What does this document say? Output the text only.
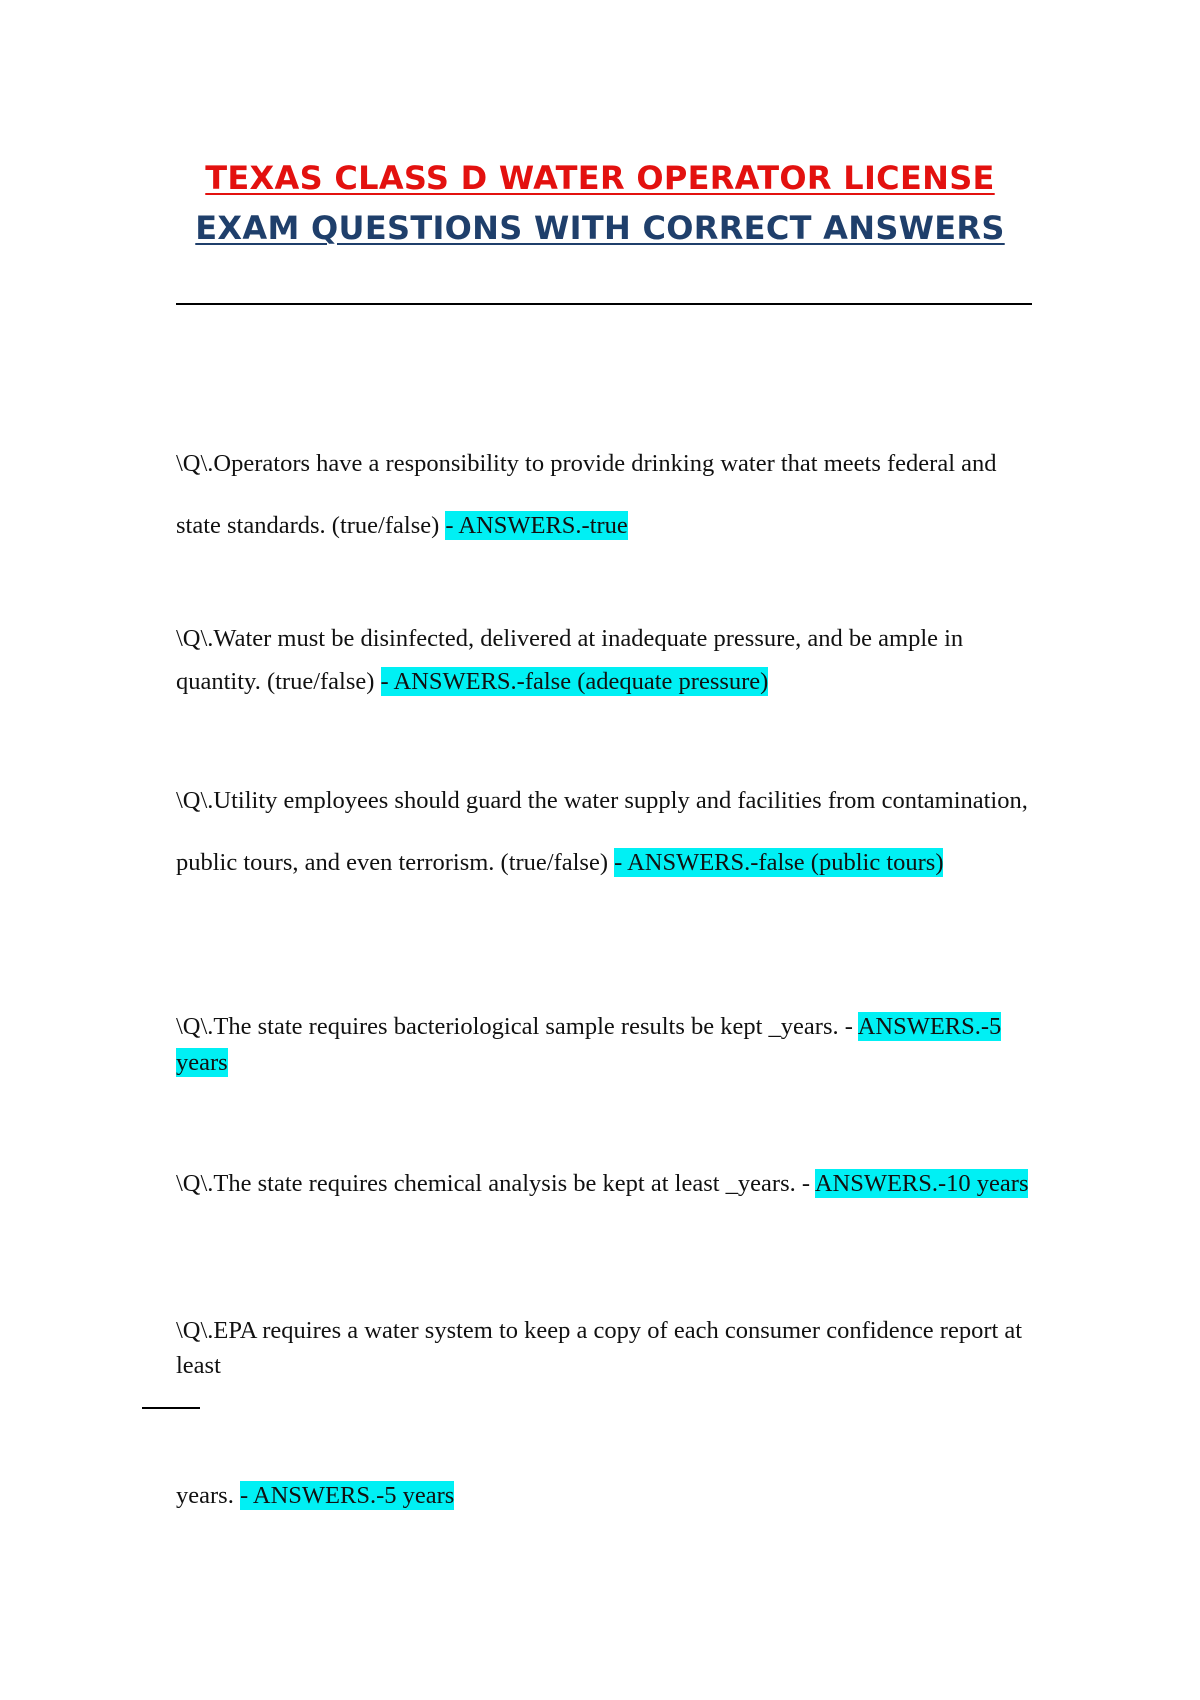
TEXAS CLASS D WATER OPERATOR LICENSE
EXAM QUESTIONS WITH CORRECT ANSWERS

\Q\.Operators have a responsibility to provide drinking water that meets federal and state standards. (true/false) - ANSWERS.-true

\Q\.Water must be disinfected, delivered at inadequate pressure, and be ample in quantity. (true/false) - ANSWERS.-false (adequate pressure)

\Q\.Utility employees should guard the water supply and facilities from contamination, public tours, and even terrorism. (true/false) - ANSWERS.-false (public tours)

\Q\.The state requires bacteriological sample results be kept _years. - ANSWERS.-5 years

\Q\.The state requires chemical analysis be kept at least _years. - ANSWERS.-10 years

\Q\.EPA requires a water system to keep a copy of each consumer confidence report at least

years. - ANSWERS.-5 years
